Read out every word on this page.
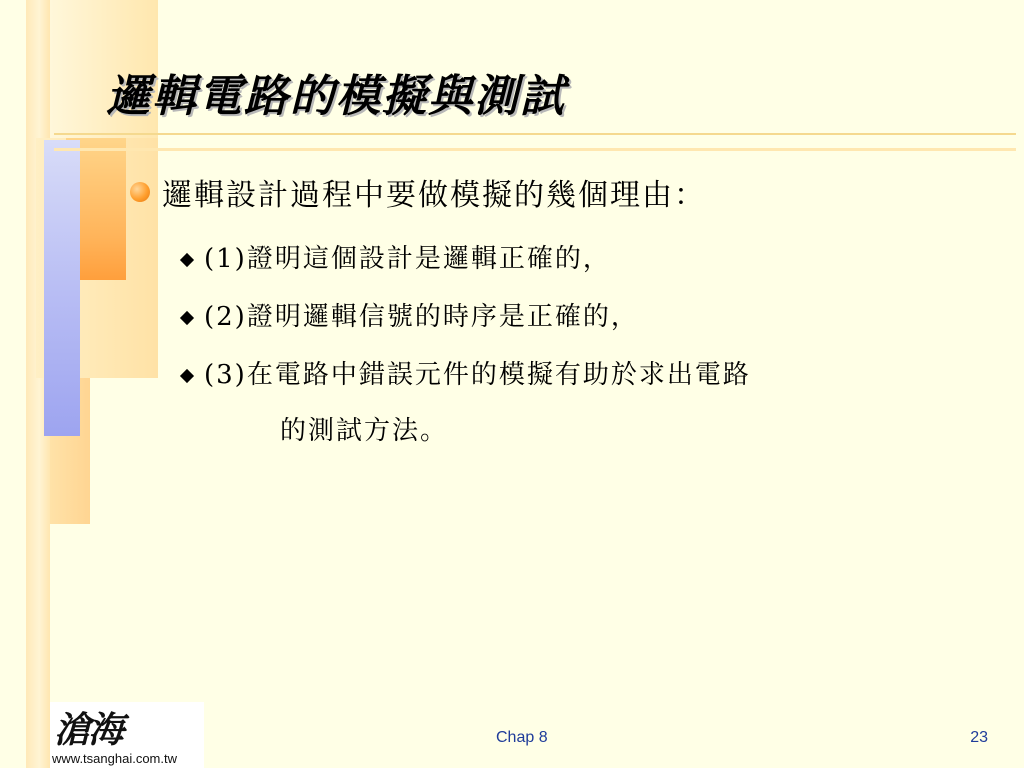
邏輯電路的模擬與測試
邏輯設計過程中要做模擬的幾個理由：
(1)證明這個設計是邏輯正確的，
(2)證明邏輯信號的時序是正確的，
(3)在電路中錯誤元件的模擬有助於求出電路
的測試方法。
滄海
www.tsanghai.com.tw
Chap 8	23
